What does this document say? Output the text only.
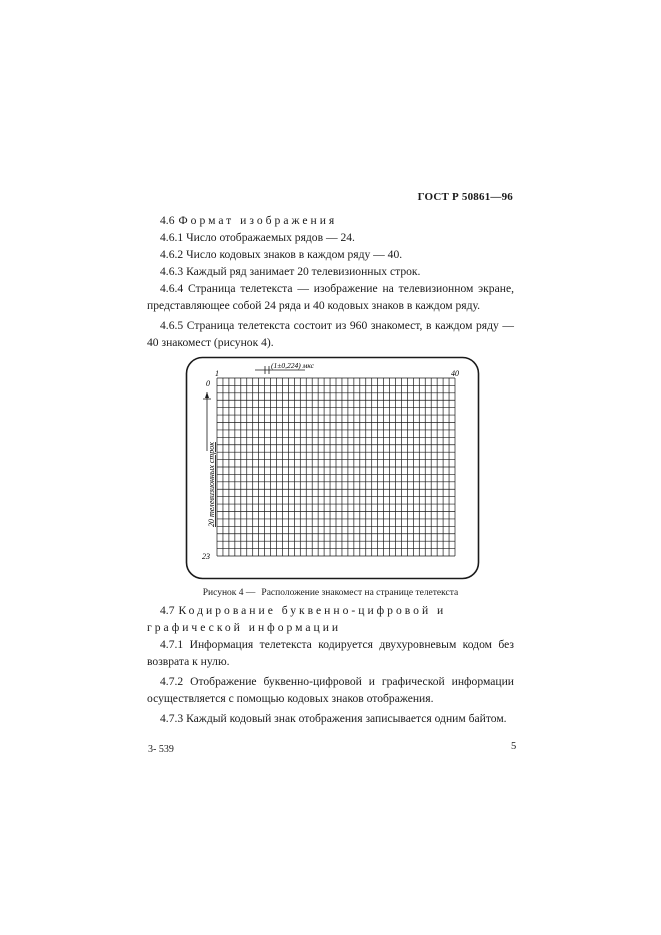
ГОСТ Р 50861—96

4.6 Формат изображения

4.6.1 Число отображаемых рядов — 24.

4.6.2 Число кодовых знаков в каждом ряду — 40.

4.6.3 Каждый ряд занимает 20 телевизионных строк.

4.6.4 Страница телетекста — изображение на телевизионном экране, представляющее собой 24 ряда и 40 кодовых знаков в каждом ряду.

4.6.5 Страница телетекста состоит из 960 знакомест, в каждом ряду — 40 знакомест (рисунок 4).

1	40
0
23
(1±0,224) мкс
20 телевизионных строк
Рисунок 4 — Расположение знакомест на странице телетекста

4.7 Кодирование буквенно-цифровой и графической информации

4.7.1 Информация телетекста кодируется двухуровневым кодом без возврата к нулю.

4.7.2 Отображение буквенно-цифровой и графической информации осуществляется с помощью кодовых знаков отображения.

4.7.3 Каждый кодовый знак отображения записывается одним байтом.

3- 539	5
